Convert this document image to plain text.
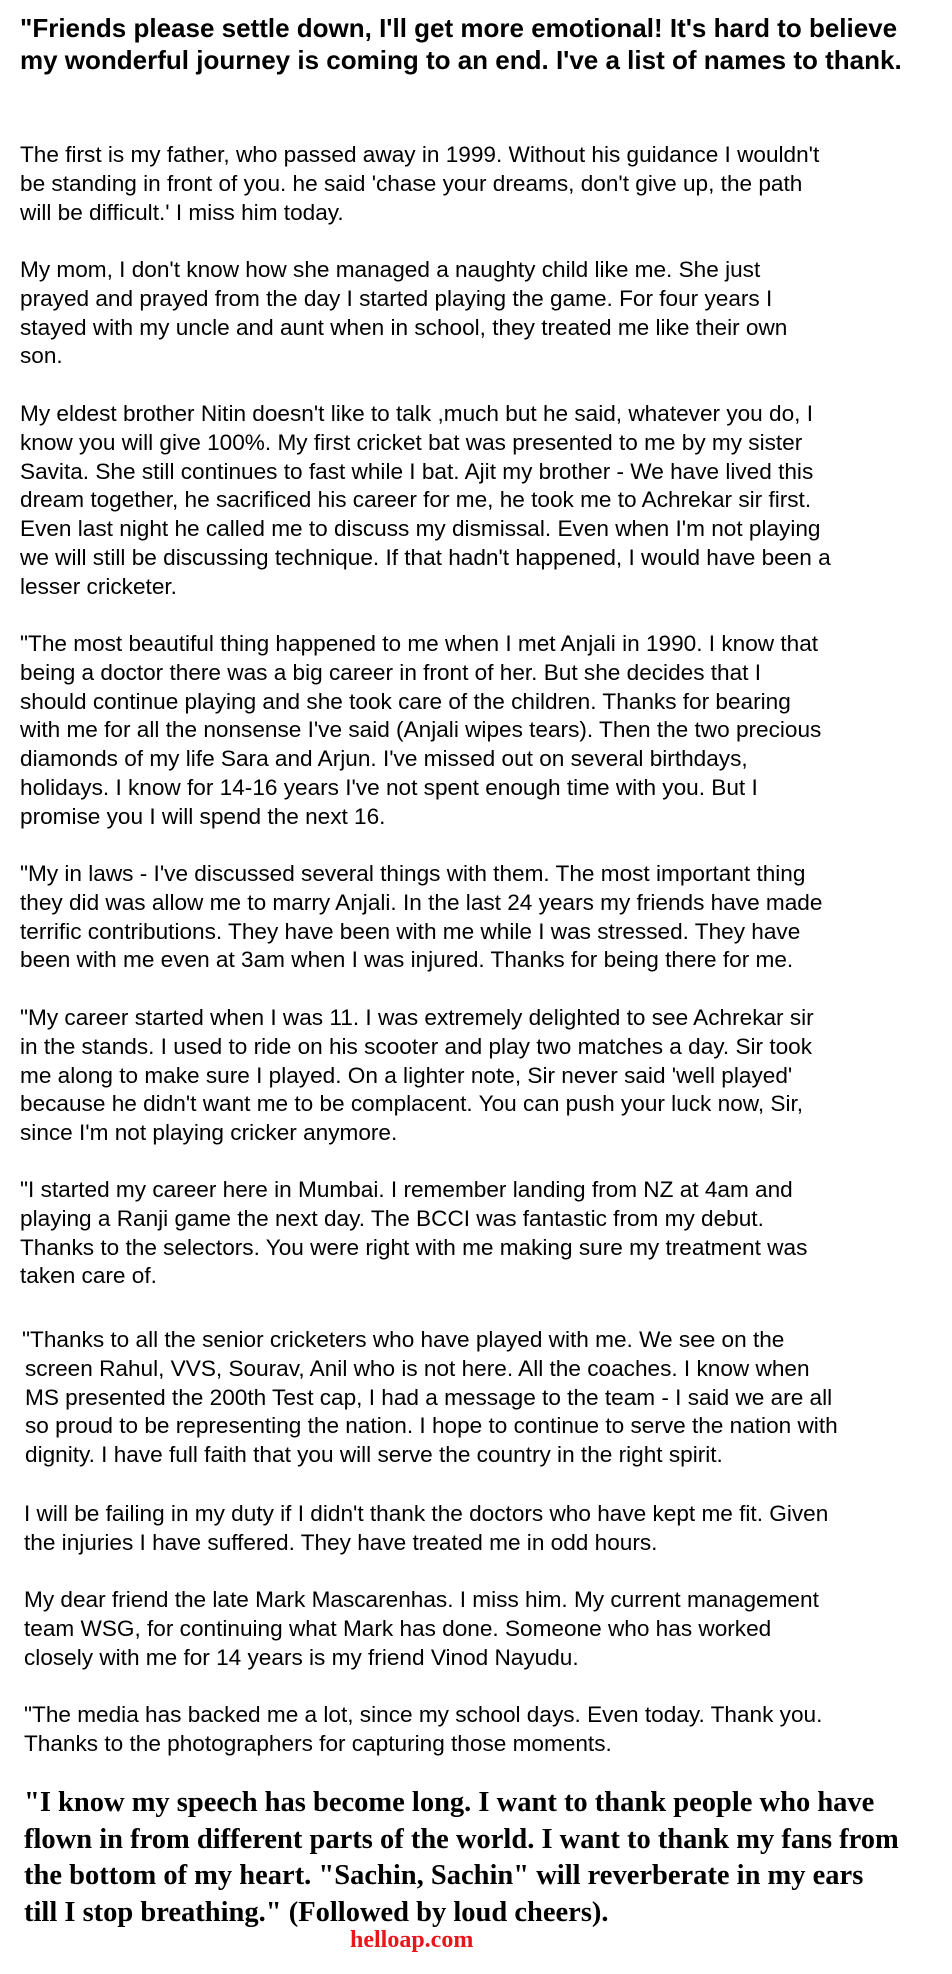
"Friends please settle down, I'll get more emotional! It's hard to believe my wonderful journey is coming to an end. I've a list of names to thank.

The first is my father, who passed away in 1999. Without his guidance I wouldn't
be standing in front of you. he said 'chase your dreams, don't give up, the path
will be difficult.' I miss him today.

My mom, I don't know how she managed a naughty child like me. She just
prayed and prayed from the day I started playing the game. For four years I
stayed with my uncle and aunt when in school, they treated me like their own
son.

My eldest brother Nitin doesn't like to talk ,much but he said, whatever you do, I
know you will give 100%. My first cricket bat was presented to me by my sister
Savita. She still continues to fast while I bat. Ajit my brother - We have lived this
dream together, he sacrificed his career for me, he took me to Achrekar sir first.
Even last night he called me to discuss my dismissal. Even when I'm not playing
we will still be discussing technique. If that hadn't happened, I would have been a
lesser cricketer.

"The most beautiful thing happened to me when I met Anjali in 1990. I know that
being a doctor there was a big career in front of her. But she decides that I
should continue playing and she took care of the children. Thanks for bearing
with me for all the nonsense I've said (Anjali wipes tears). Then the two precious
diamonds of my life Sara and Arjun. I've missed out on several birthdays,
holidays. I know for 14-16 years I've not spent enough time with you. But I
promise you I will spend the next 16.

"My in laws - I've discussed several things with them. The most important thing
they did was allow me to marry Anjali. In the last 24 years my friends have made
terrific contributions. They have been with me while I was stressed. They have
been with me even at 3am when I was injured. Thanks for being there for me.

"My career started when I was 11. I was extremely delighted to see Achrekar sir
in the stands. I used to ride on his scooter and play two matches a day. Sir took
me along to make sure I played. On a lighter note, Sir never said 'well played'
because he didn't want me to be complacent. You can push your luck now, Sir,
since I'm not playing cricker anymore.

"I started my career here in Mumbai. I remember landing from NZ at 4am and
playing a Ranji game the next day. The BCCI was fantastic from my debut.
Thanks to the selectors. You were right with me making sure my treatment was
taken care of.

"Thanks to all the senior cricketers who have played with me. We see on the
screen Rahul, VVS, Sourav, Anil who is not here. All the coaches. I know when
MS presented the 200th Test cap, I had a message to the team - I said we are all
so proud to be representing the nation. I hope to continue to serve the nation with
dignity. I have full faith that you will serve the country in the right spirit.

I will be failing in my duty if I didn't thank the doctors who have kept me fit. Given
the injuries I have suffered. They have treated me in odd hours.

My dear friend the late Mark Mascarenhas. I miss him. My current management
team WSG, for continuing what Mark has done. Someone who has worked
closely with me for 14 years is my friend Vinod Nayudu.

"The media has backed me a lot, since my school days. Even today. Thank you.
Thanks to the photographers for capturing those moments.

"I know my speech has become long. I want to thank people who have
flown in from different parts of the world. I want to thank my fans from
the bottom of my heart. "Sachin, Sachin" will reverberate in my ears
till I stop breathing." (Followed by loud cheers).

helloap.com
